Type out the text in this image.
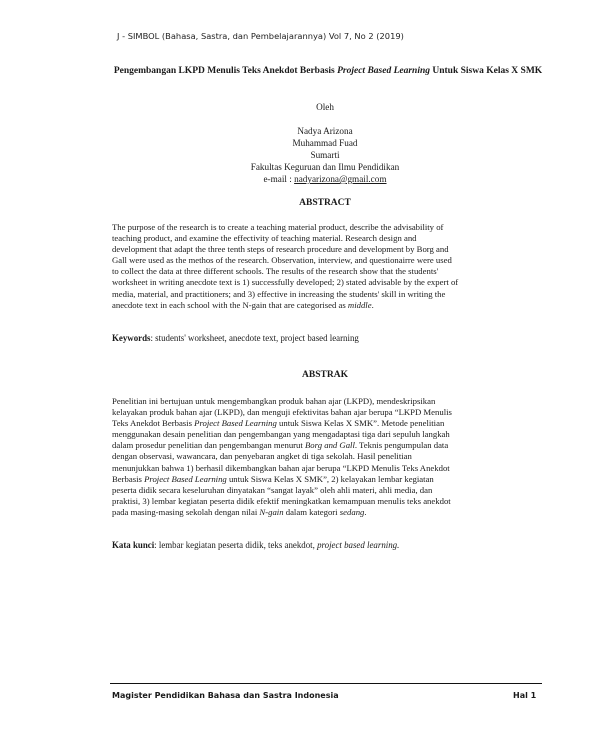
J - SIMBOL (Bahasa, Sastra, dan Pembelajarannya) Vol 7, No 2 (2019)
Pengembangan LKPD Menulis Teks Anekdot Berbasis Project Based Learning Untuk Siswa Kelas X SMK
Oleh
Nadya Arizona
Muhammad Fuad
Sumarti
Fakultas Keguruan dan Ilmu Pendidikan
e-mail : nadyarizona@gmail.com
ABSTRACT
The purpose of the research is to create a teaching material product, describe the advisability of
teaching product, and examine the effectivity of teaching material. Research design and
development that adapt the three tenth steps of research procedure and development by Borg and
Gall were used as the methos of the research. Observation, interview, and questionairre were used
to collect the data at three different schools. The results of the research show that the students'
worksheet in writing anecdote text is 1) successfully developed; 2) stated advisable by the expert of
media, material, and practitioners; and 3) effective in increasing the students' skill in writing the
anecdote text in each school with the N-gain that are categorised as middle.
Keywords: students' worksheet, anecdote text, project based learning
ABSTRAK
Penelitian ini bertujuan untuk mengembangkan produk bahan ajar (LKPD), mendeskripsikan
kelayakan produk bahan ajar (LKPD), dan menguji efektivitas bahan ajar berupa “LKPD Menulis
Teks Anekdot Berbasis Project Based Learning untuk Siswa Kelas X SMK”. Metode penelitian
menggunakan desain penelitian dan pengembangan yang mengadaptasi tiga dari sepuluh langkah
dalam prosedur penelitian dan pengembangan menurut Borg and Gall. Teknis pengumpulan data
dengan observasi, wawancara, dan penyebaran angket di tiga sekolah. Hasil penelitian
menunjukkan bahwa 1) berhasil dikembangkan bahan ajar berupa “LKPD Menulis Teks Anekdot
Berbasis Project Based Learning untuk Siswa Kelas X SMK”, 2) kelayakan lembar kegiatan
peserta didik secara keseluruhan dinyatakan “sangat layak” oleh ahli materi, ahli media, dan
praktisi, 3) lembar kegiatan peserta didik efektif meningkatkan kemampuan menulis teks anekdot
pada masing-masing sekolah dengan nilai N-gain dalam kategori sedang.
Kata kunci: lembar kegiatan peserta didik, teks anekdot, project based learning.
Magister Pendidikan Bahasa dan Sastra Indonesia	Hal 1
